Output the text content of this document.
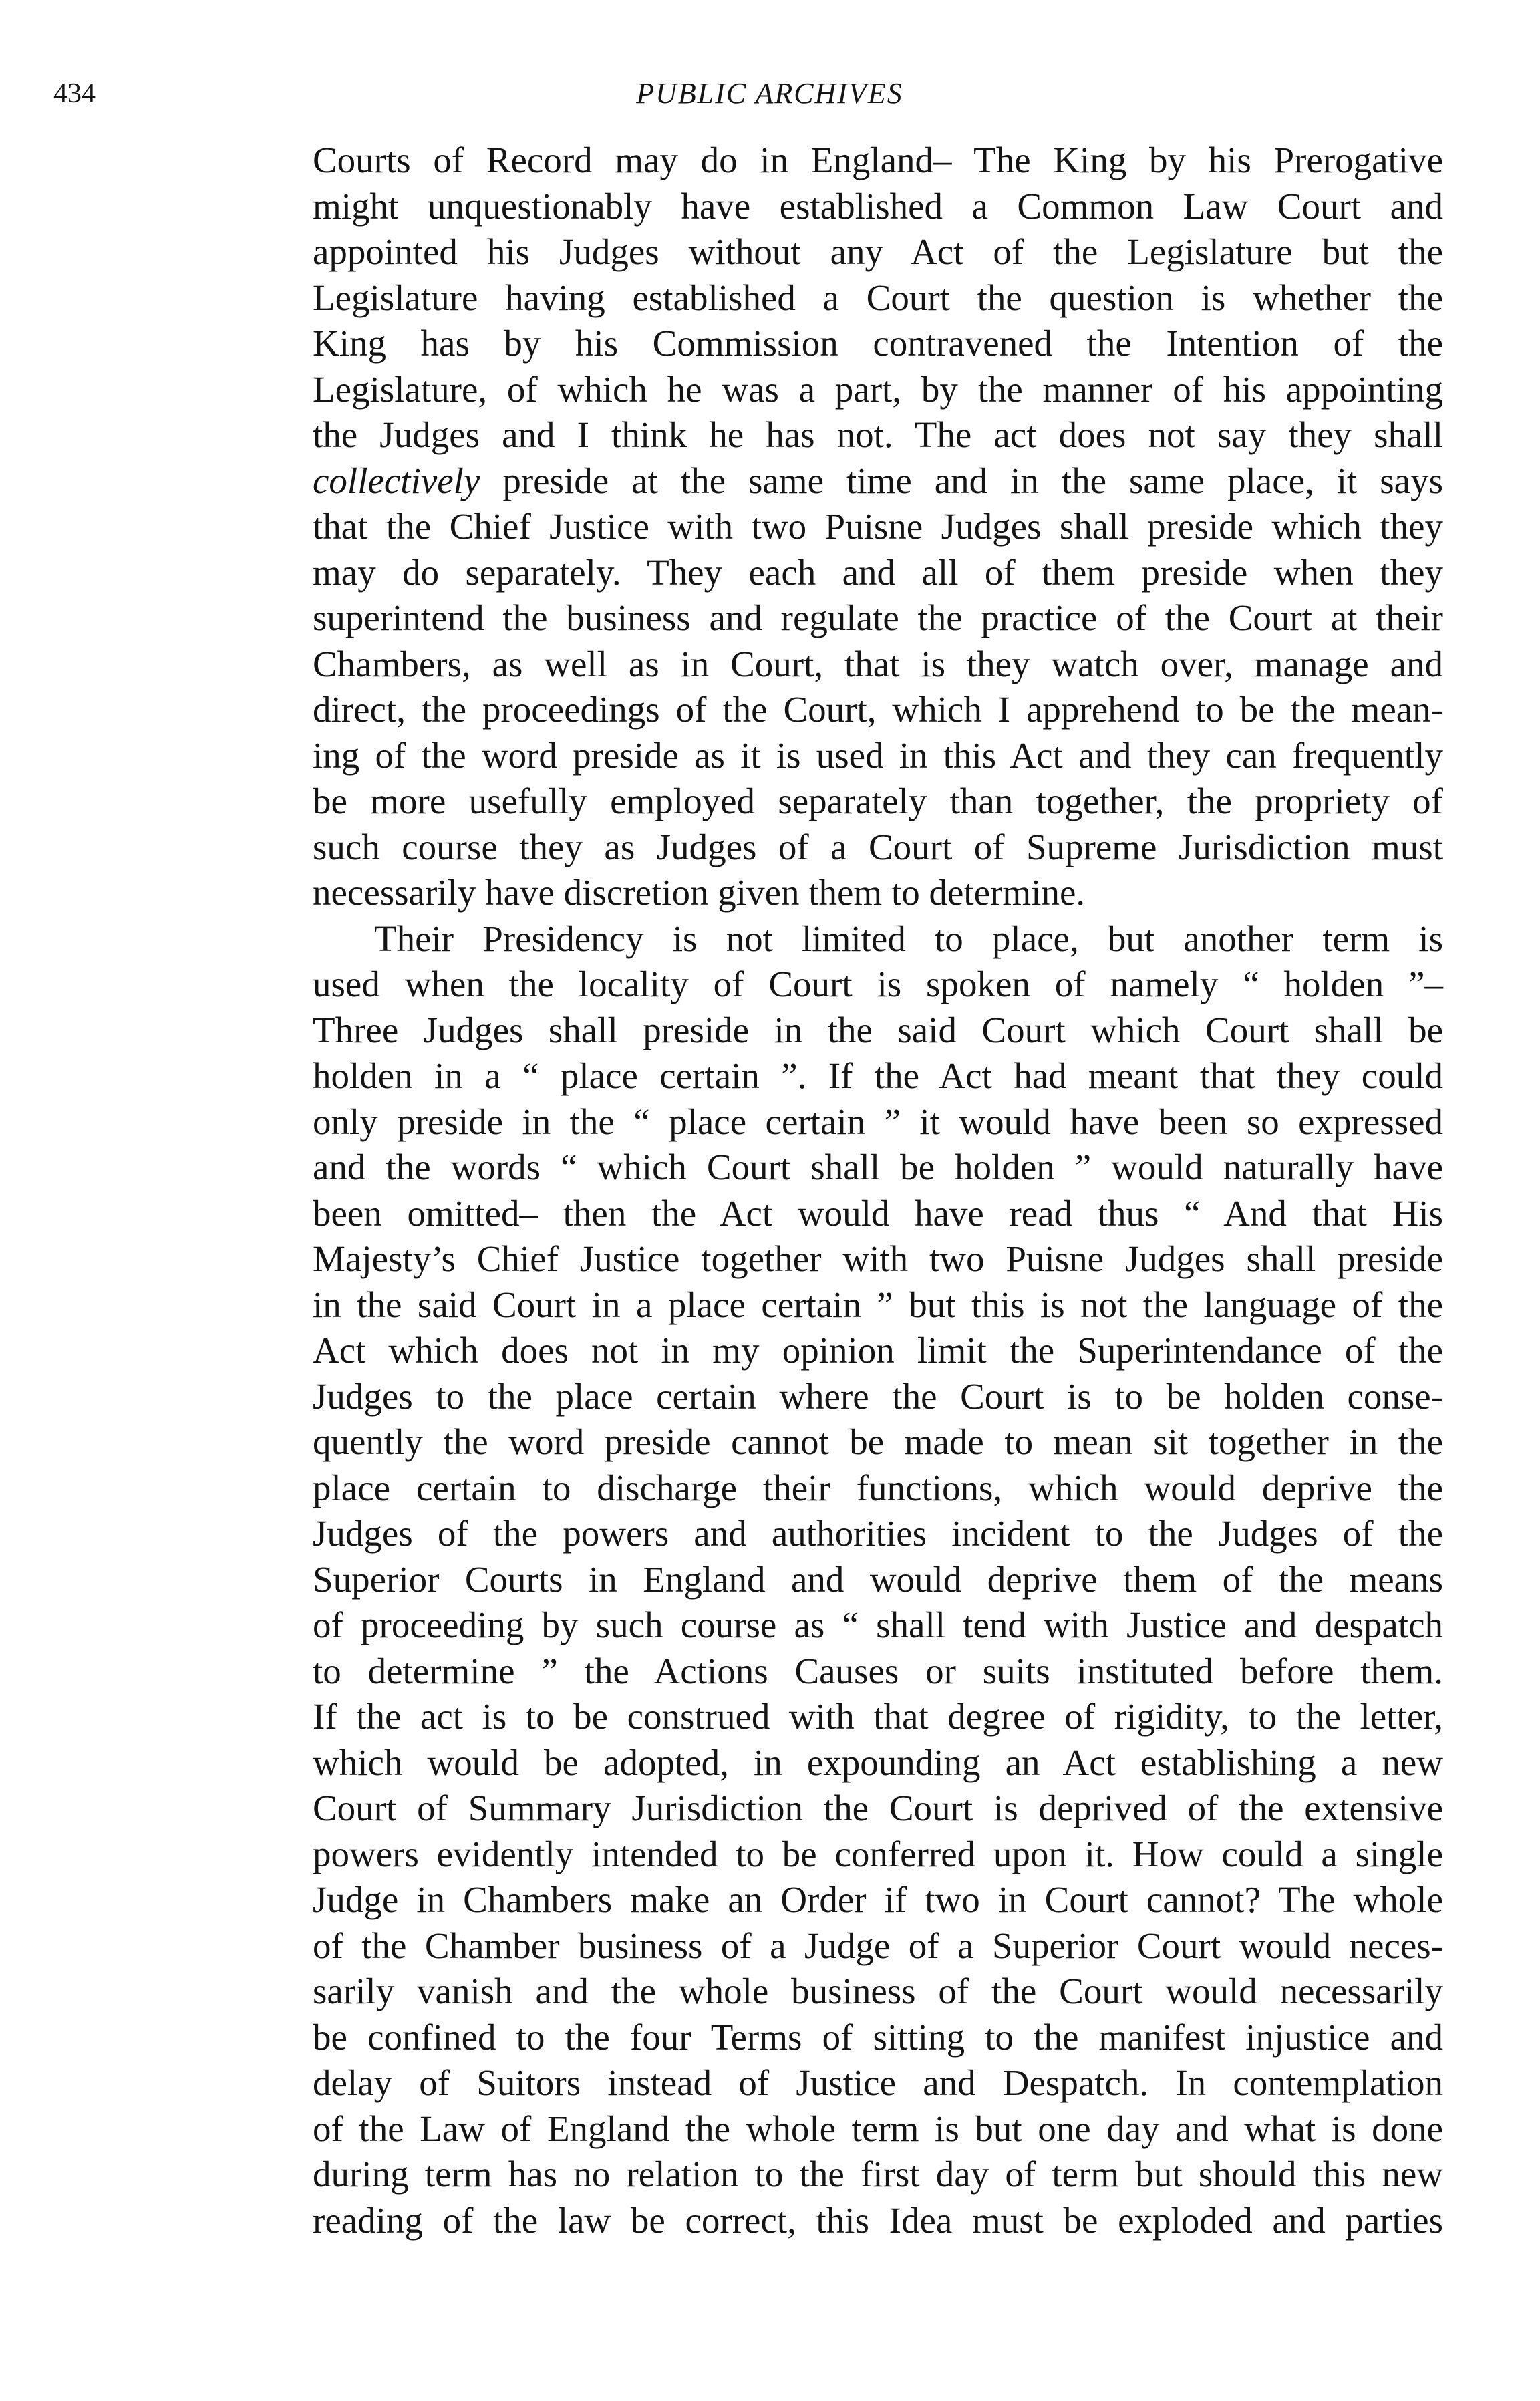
434	PUBLIC ARCHIVES
Courts of Record may do in England– The King by his Prerogative
might unquestionably have established a Common Law Court and
appointed his Judges without any Act of the Legislature but the
Legislature having established a Court the question is whether the
King has by his Commission contravened the Intention of the
Legislature, of which he was a part, by the manner of his appointing
the Judges and I think he has not. The act does not say they shall
collectively preside at the same time and in the same place, it says
that the Chief Justice with two Puisne Judges shall preside which they
may do separately. They each and all of them preside when they
superintend the business and regulate the practice of the Court at their
Chambers, as well as in Court, that is they watch over, manage and
direct, the proceedings of the Court, which I apprehend to be the mean-
ing of the word preside as it is used in this Act and they can frequently
be more usefully employed separately than together, the propriety of
such course they as Judges of a Court of Supreme Jurisdiction must
necessarily have discretion given them to determine.
Their Presidency is not limited to place, but another term is
used when the locality of Court is spoken of namely “ holden ”–
Three Judges shall preside in the said Court which Court shall be
holden in a “ place certain ”. If the Act had meant that they could
only preside in the “ place certain ” it would have been so expressed
and the words “ which Court shall be holden ” would naturally have
been omitted– then the Act would have read thus “ And that His
Majesty’s Chief Justice together with two Puisne Judges shall preside
in the said Court in a place certain ” but this is not the language of the
Act which does not in my opinion limit the Superintendance of the
Judges to the place certain where the Court is to be holden conse-
quently the word preside cannot be made to mean sit together in the
place certain to discharge their functions, which would deprive the
Judges of the powers and authorities incident to the Judges of the
Superior Courts in England and would deprive them of the means
of proceeding by such course as “ shall tend with Justice and despatch
to determine ” the Actions Causes or suits instituted before them.
If the act is to be construed with that degree of rigidity, to the letter,
which would be adopted, in expounding an Act establishing a new
Court of Summary Jurisdiction the Court is deprived of the extensive
powers evidently intended to be conferred upon it. How could a single
Judge in Chambers make an Order if two in Court cannot? The whole
of the Chamber business of a Judge of a Superior Court would neces-
sarily vanish and the whole business of the Court would necessarily
be confined to the four Terms of sitting to the manifest injustice and
delay of Suitors instead of Justice and Despatch. In contemplation
of the Law of England the whole term is but one day and what is done
during term has no relation to the first day of term but should this new
reading of the law be correct, this Idea must be exploded and parties
